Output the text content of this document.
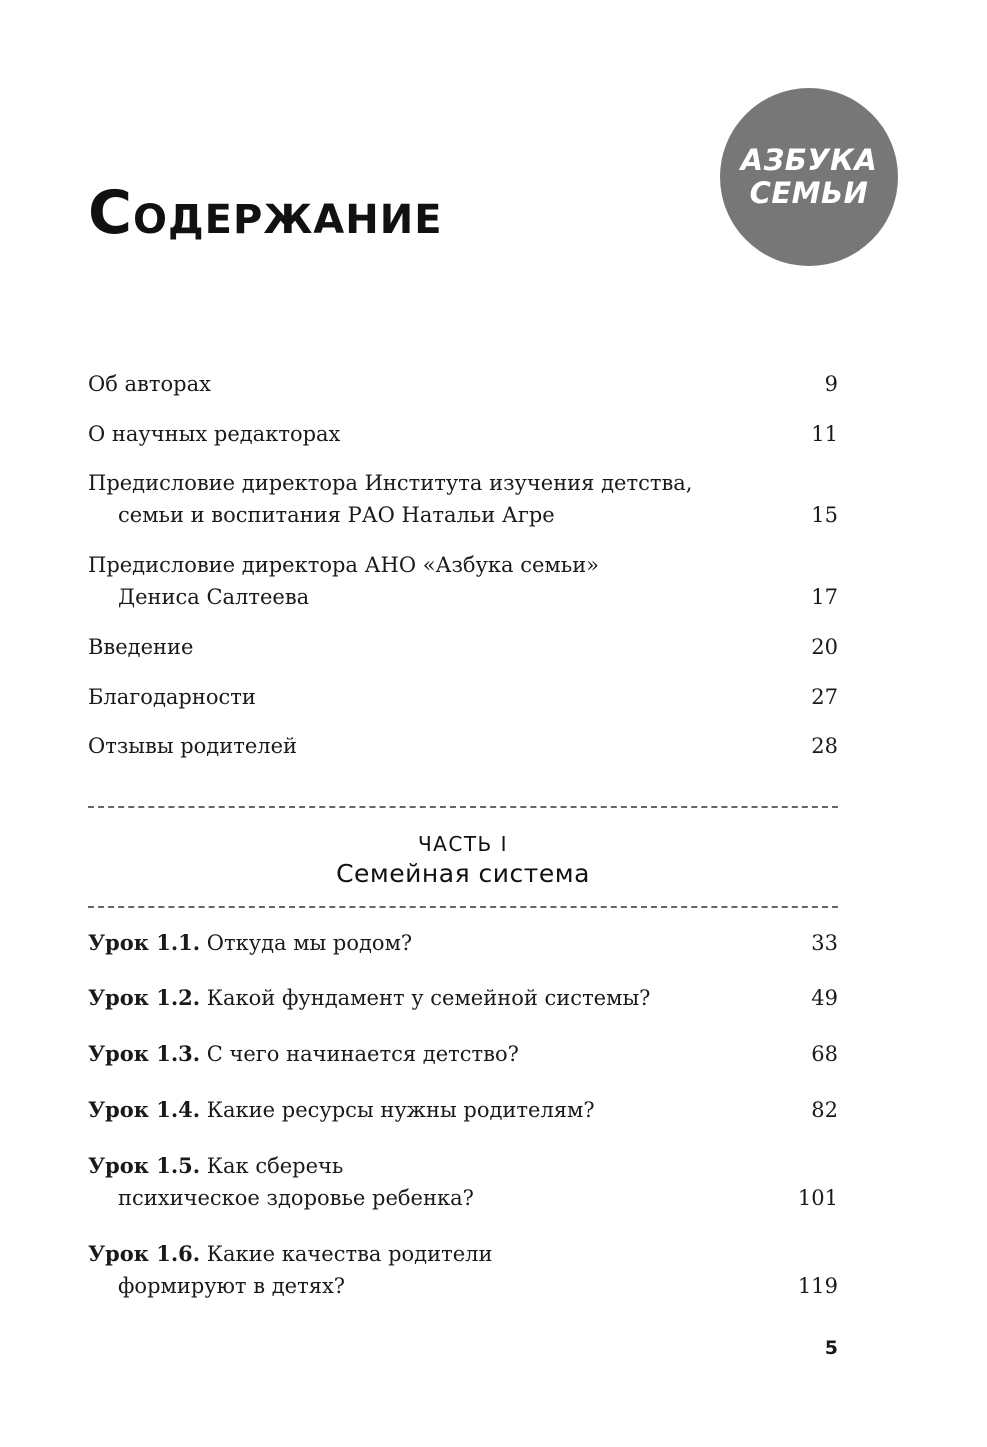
АЗБУКА
СЕМЬИ
СОДЕРЖАНИЕ
Об авторах	9
О научных редакторах	11
Предисловие директора Института изучения детства,
семьи и воспитания РАО Натальи Агре	15
Предисловие директора АНО «Азбука семьи»
Дениса Салтеева	17
Введение	20
Благодарности	27
Отзывы родителей	28
ЧАСТЬ I
Семейная система
Урок 1.1. Откуда мы родом?	33
Урок 1.2. Какой фундамент у семейной системы?	49
Урок 1.3. С чего начинается детство?	68
Урок 1.4. Какие ресурсы нужны родителям?	82
Урок 1.5. Как сберечь
психическое здоровье ребенка?	101
Урок 1.6. Какие качества родители
формируют в детях?	119
5
